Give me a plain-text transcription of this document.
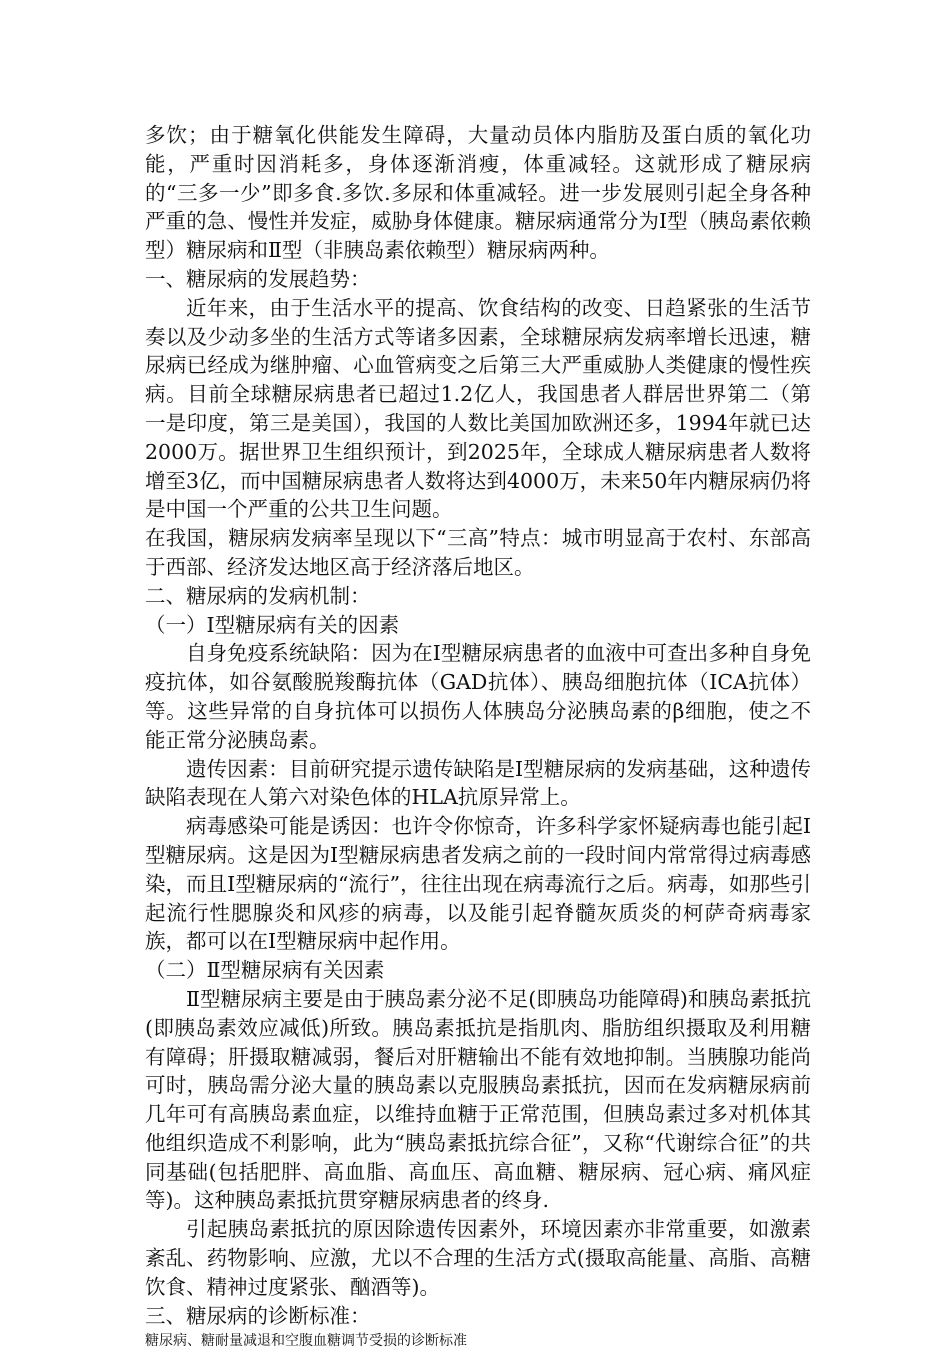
多饮；由于糖氧化供能发生障碍，大量动员体内脂肪及蛋白质的氧化功能，严重时因消耗多，身体逐渐消瘦，体重减轻。这就形成了糖尿病的“三多一少”即多食.多饮.多尿和体重减轻。进一步发展则引起全身各种严重的急、慢性并发症，威胁身体健康。糖尿病通常分为Ⅰ型（胰岛素依赖型）糖尿病和Ⅱ型（非胰岛素依赖型）糖尿病两种。

一、糖尿病的发展趋势：

近年来，由于生活水平的提高、饮食结构的改变、日趋紧张的生活节奏以及少动多坐的生活方式等诸多因素，全球糖尿病发病率增长迅速，糖尿病已经成为继肿瘤、心血管病变之后第三大严重威胁人类健康的慢性疾病。目前全球糖尿病患者已超过1.2亿人，我国患者人群居世界第二（第一是印度，第三是美国），我国的人数比美国加欧洲还多，1994年就已达2000万。据世界卫生组织预计，到2025年，全球成人糖尿病患者人数将增至3亿，而中国糖尿病患者人数将达到4000万，未来50年内糖尿病仍将是中国一个严重的公共卫生问题。

在我国，糖尿病发病率呈现以下“三高”特点：城市明显高于农村、东部高于西部、经济发达地区高于经济落后地区。

二、糖尿病的发病机制：

（一）Ⅰ型糖尿病有关的因素

自身免疫系统缺陷：因为在Ⅰ型糖尿病患者的血液中可查出多种自身免疫抗体，如谷氨酸脱羧酶抗体（GAD抗体）、胰岛细胞抗体（ICA抗体）等。这些异常的自身抗体可以损伤人体胰岛分泌胰岛素的β细胞，使之不能正常分泌胰岛素。

遗传因素：目前研究提示遗传缺陷是Ⅰ型糖尿病的发病基础，这种遗传缺陷表现在人第六对染色体的HLA抗原异常上。

病毒感染可能是诱因：也许令你惊奇，许多科学家怀疑病毒也能引起Ⅰ型糖尿病。这是因为Ⅰ型糖尿病患者发病之前的一段时间内常常得过病毒感染，而且Ⅰ型糖尿病的“流行”，往往出现在病毒流行之后。病毒，如那些引起流行性腮腺炎和风疹的病毒，以及能引起脊髓灰质炎的柯萨奇病毒家族，都可以在Ⅰ型糖尿病中起作用。

（二）Ⅱ型糖尿病有关因素

Ⅱ型糖尿病主要是由于胰岛素分泌不足(即胰岛功能障碍)和胰岛素抵抗(即胰岛素效应减低)所致。胰岛素抵抗是指肌肉、脂肪组织摄取及利用糖有障碍；肝摄取糖减弱，餐后对肝糖输出不能有效地抑制。当胰腺功能尚可时，胰岛需分泌大量的胰岛素以克服胰岛素抵抗，因而在发病糖尿病前几年可有高胰岛素血症，以维持血糖于正常范围，但胰岛素过多对机体其他组织造成不利影响，此为“胰岛素抵抗综合征”，又称“代谢综合征”的共同基础(包括肥胖、高血脂、高血压、高血糖、糖尿病、冠心病、痛风症等)。这种胰岛素抵抗贯穿糖尿病患者的终身.

引起胰岛素抵抗的原因除遗传因素外，环境因素亦非常重要，如激素紊乱、药物影响、应激，尤以不合理的生活方式(摄取高能量、高脂、高糖饮食、精神过度紧张、酗酒等)。

三、糖尿病的诊断标准：

糖尿病、糖耐量减退和空腹血糖调节受损的诊断标准
